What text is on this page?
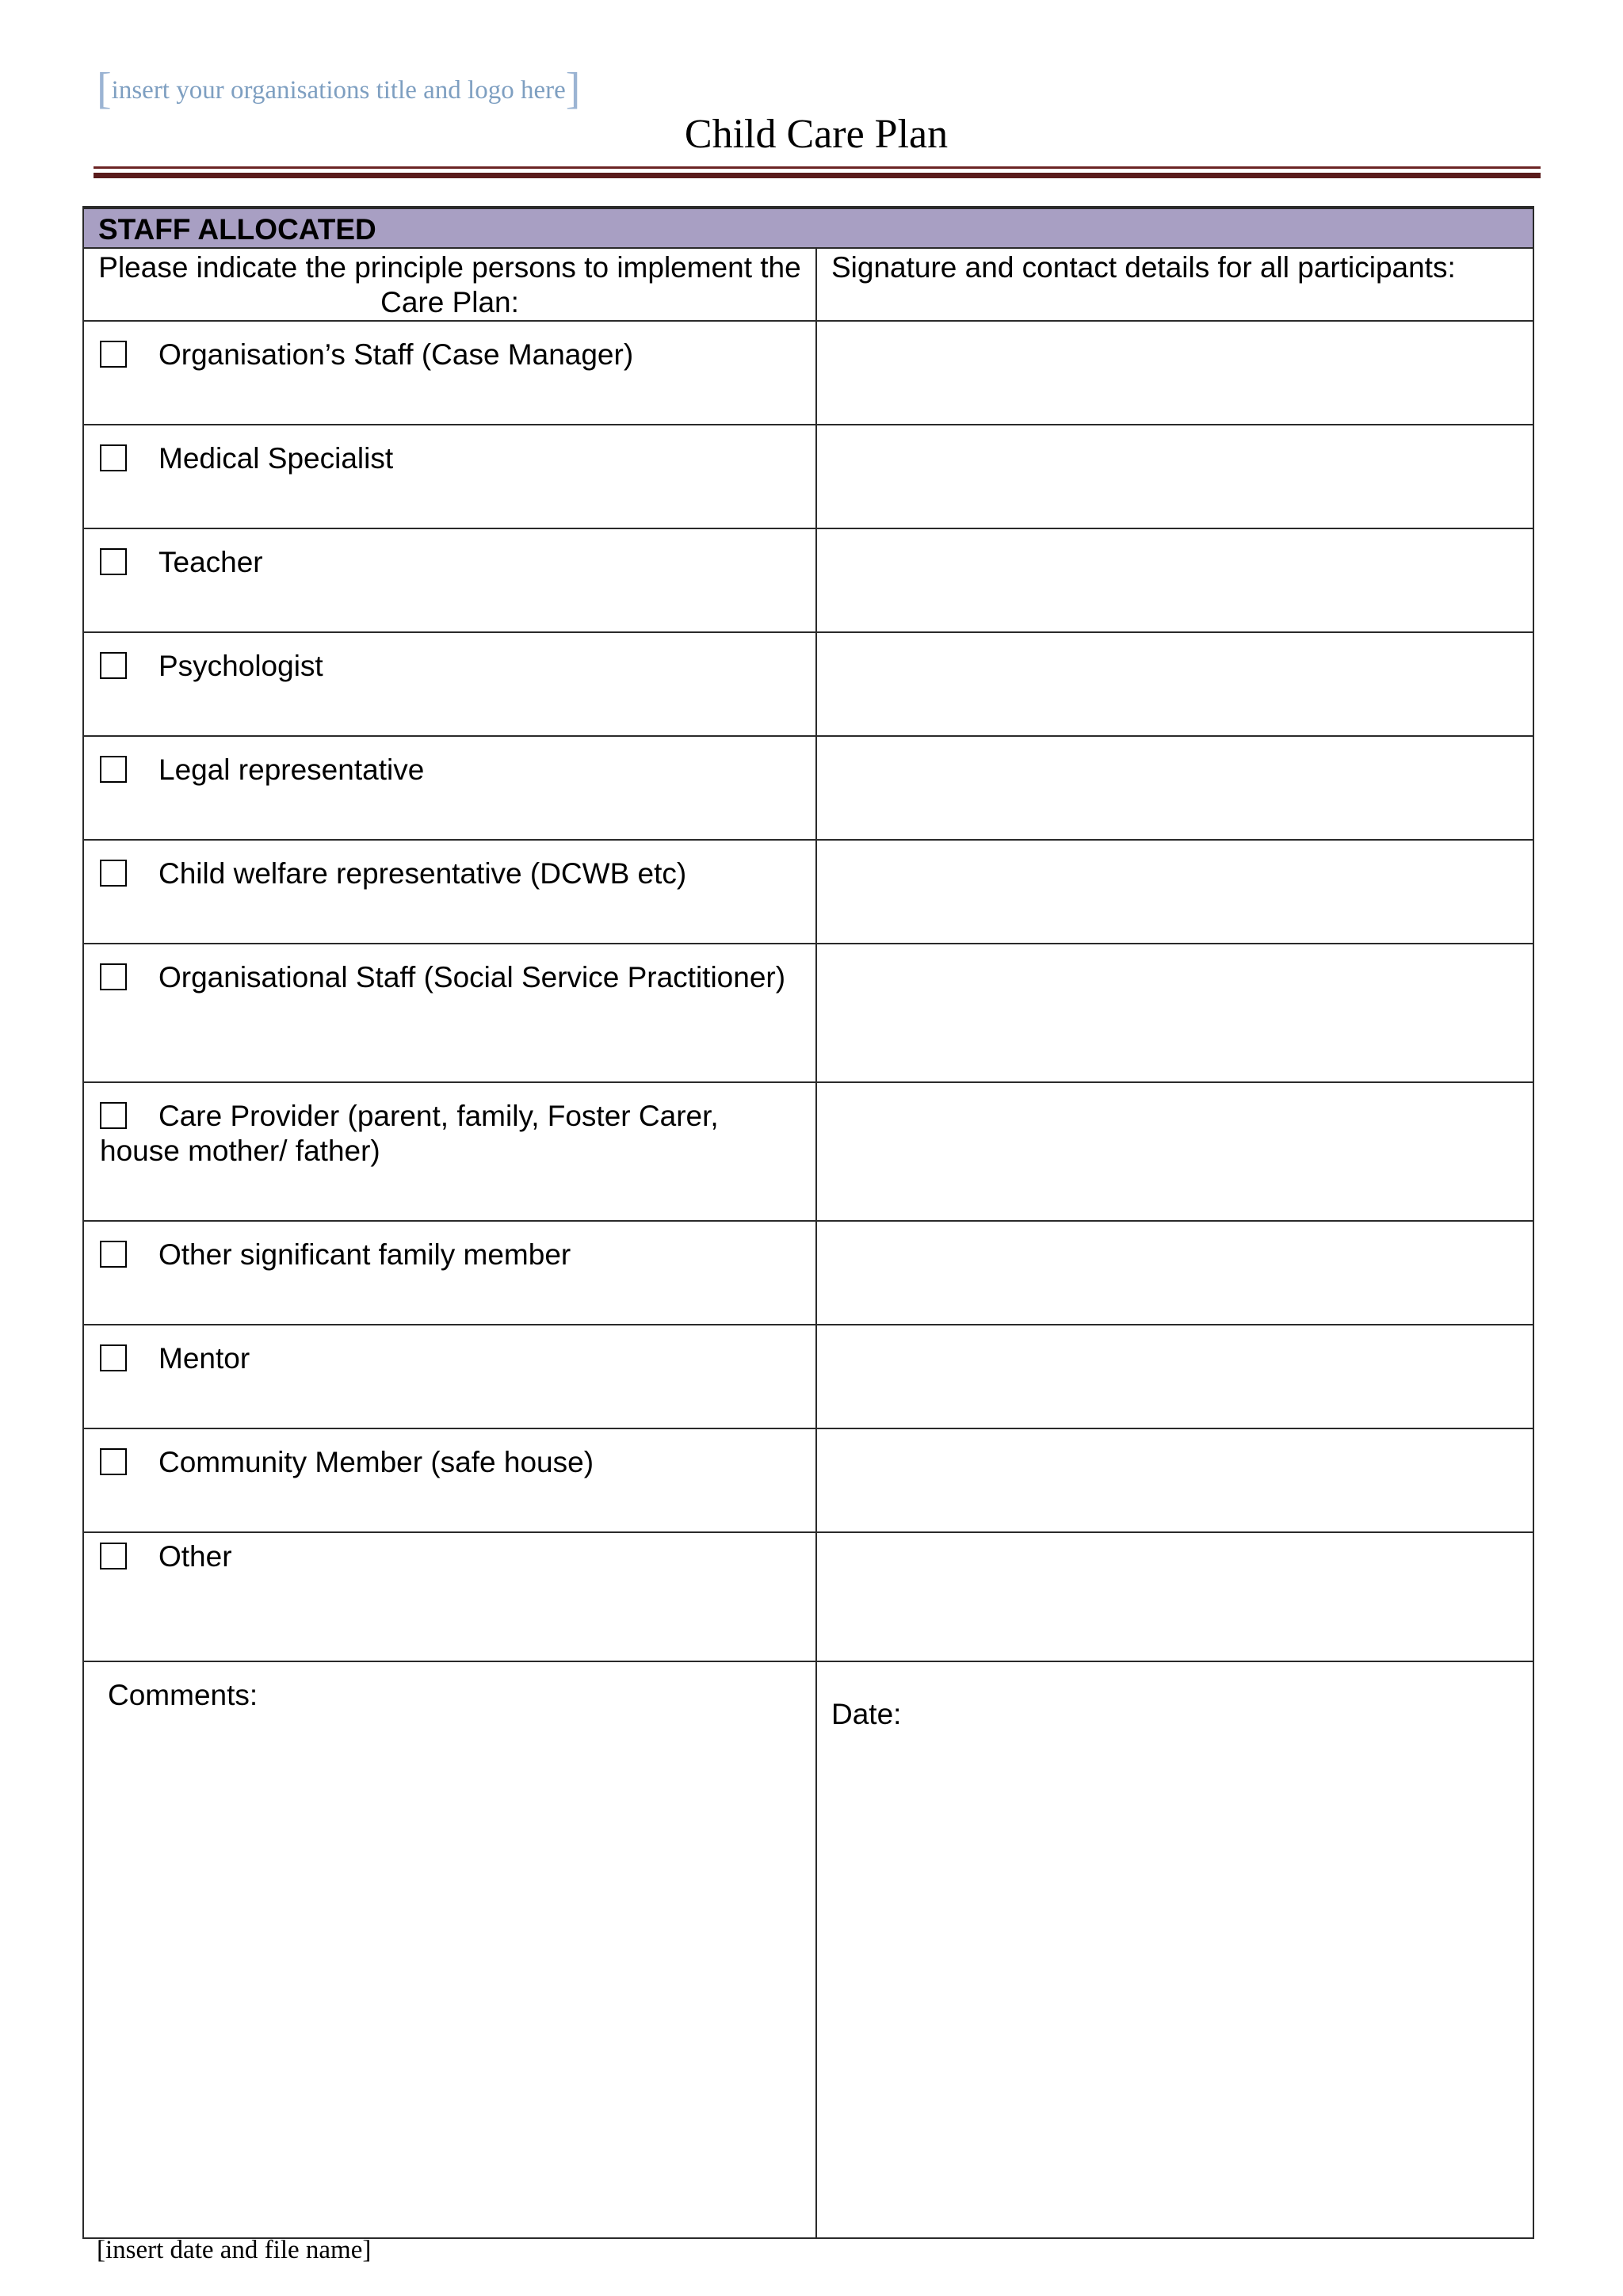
[insert your organisations title and logo here]
Child Care Plan
STAFF ALLOCATED	
Please indicate the principle persons to implement the Care Plan:	Signature and contact details for all participants:
Organisation’s Staff (Case Manager)	
Medical Specialist	
Teacher	
Psychologist	
Legal representative	
Child welfare representative (DCWB etc)	
Organisational Staff (Social Service Practitioner)	
Care Provider (parent, family, Foster Carer, house mother/ father)	
Other significant family member	
Mentor	
Community Member (safe house)	
Other	
Comments:	Date:
[insert date and file name]
